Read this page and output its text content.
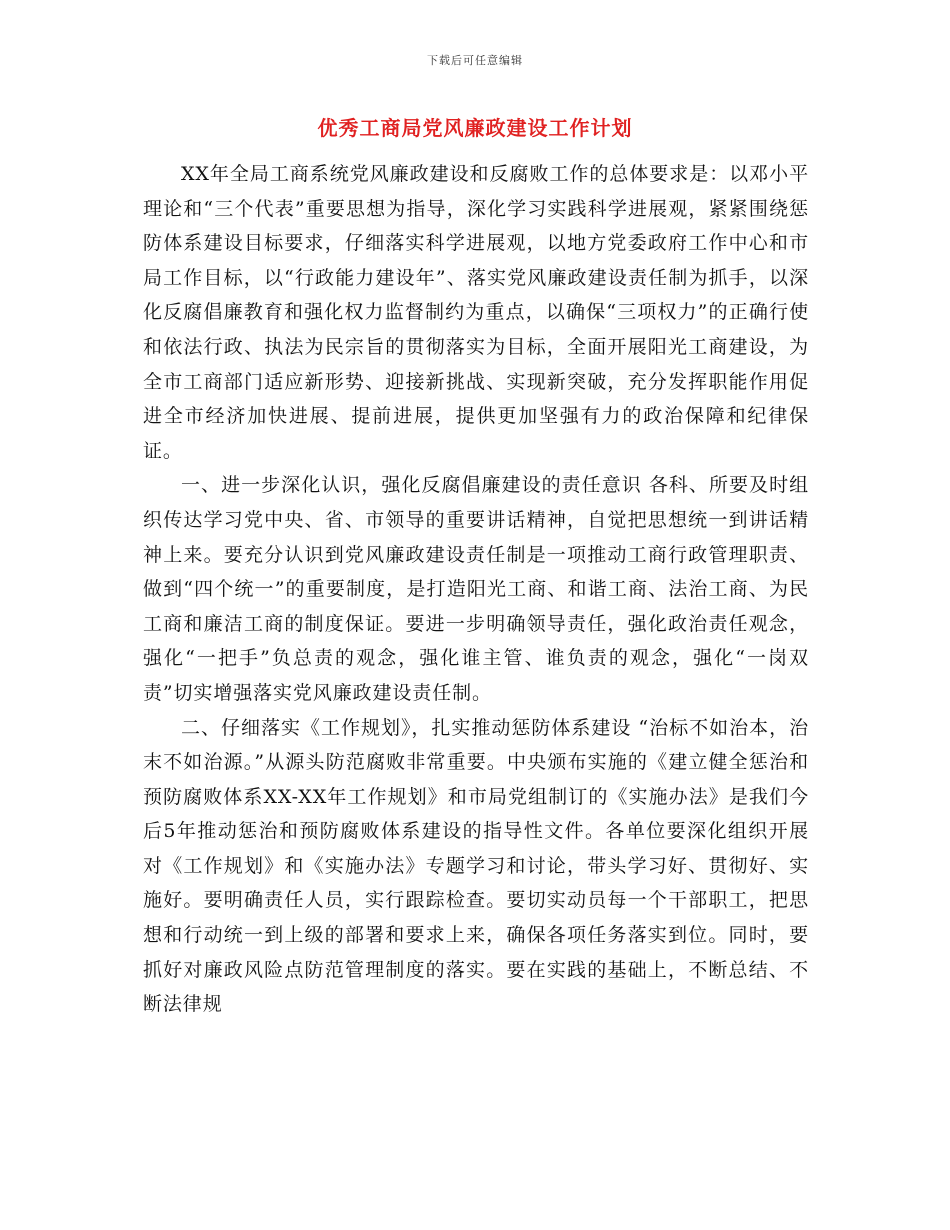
下载后可任意编辑
优秀工商局党风廉政建设工作计划

XX年全局工商系统党风廉政建设和反腐败工作的总体要求是：以邓小平理论和“三个代表”重要思想为指导，深化学习实践科学进展观，紧紧围绕惩防体系建设目标要求，仔细落实科学进展观，以地方党委政府工作中心和市局工作目标，以“行政能力建设年”、落实党风廉政建设责任制为抓手，以深化反腐倡廉教育和强化权力监督制约为重点，以确保“三项权力”的正确行使和依法行政、执法为民宗旨的贯彻落实为目标，全面开展阳光工商建设，为全市工商部门适应新形势、迎接新挑战、实现新突破，充分发挥职能作用促进全市经济加快进展、提前进展，提供更加坚强有力的政治保障和纪律保证。

一、进一步深化认识，强化反腐倡廉建设的责任意识 各科、所要及时组织传达学习党中央、省、市领导的重要讲话精神，自觉把思想统一到讲话精神上来。要充分认识到党风廉政建设责任制是一项推动工商行政管理职责、做到“四个统一”的重要制度，是打造阳光工商、和谐工商、法治工商、为民工商和廉洁工商的制度保证。要进一步明确领导责任，强化政治责任观念，强化“一把手”负总责的观念，强化谁主管、谁负责的观念，强化“一岗双责”切实增强落实党风廉政建设责任制。

二、仔细落实《工作规划》，扎实推动惩防体系建设 “治标不如治本，治末不如治源。”从源头防范腐败非常重要。中央颁布实施的《建立健全惩治和预防腐败体系XX-XX年工作规划》和市局党组制订的《实施办法》是我们今后5年推动惩治和预防腐败体系建设的指导性文件。各单位要深化组织开展对《工作规划》和《实施办法》专题学习和讨论，带头学习好、贯彻好、实施好。要明确责任人员，实行跟踪检查。要切实动员每一个干部职工，把思想和行动统一到上级的部署和要求上来，确保各项任务落实到位。同时，要抓好对廉政风险点防范管理制度的落实。要在实践的基础上，不断总结、不断法律规
